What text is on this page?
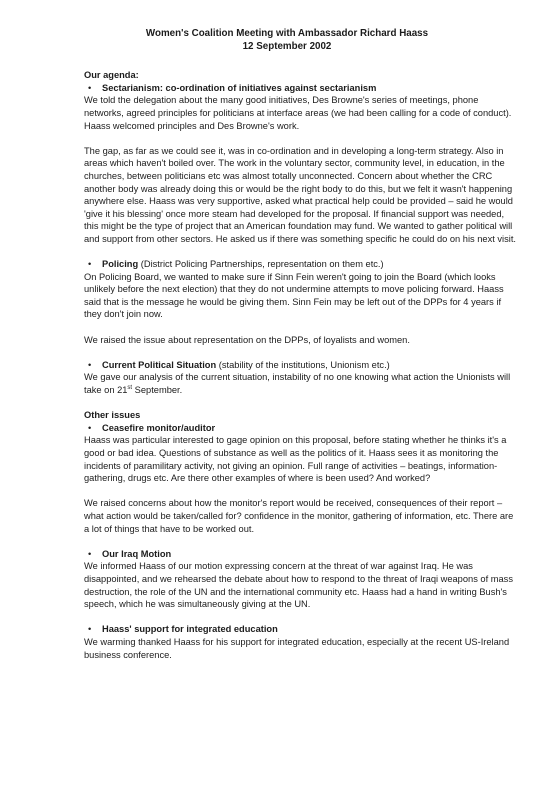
Women's Coalition Meeting with Ambassador Richard Haass
12 September 2002
Our agenda:
•	Sectarianism: co-ordination of initiatives against sectarianism

We told the delegation about the many good initiatives, Des Browne's series of meetings, phone networks, agreed principles for politicians at interface areas (we had been calling for a code of conduct). Haass welcomed principles and Des Browne's work.

The gap, as far as we could see it, was in co-ordination and in developing a long-term strategy. Also in areas which haven't boiled over. The work in the voluntary sector, community level, in education, in the churches, between politicians etc was almost totally unconnected. Concern about whether the CRC another body was already doing this or would be the right body to do this, but we felt it wasn't happening anywhere else. Haass was very supportive, asked what practical help could be provided – said he would 'give it his blessing' once more steam had developed for the proposal. If financial support was needed, this might be the type of project that an American foundation may fund. We wanted to gather political will and support from other sectors. He asked us if there was something specific he could do on his next visit.

•	Policing (District Policing Partnerships, representation on them etc.)

On Policing Board, we wanted to make sure if Sinn Fein weren't going to join the Board (which looks unlikely before the next election) that they do not undermine attempts to move policing forward. Haass said that is the message he would be giving them. Sinn Fein may be left out of the DPPs for 4 years if they don't join now.

We raised the issue about representation on the DPPs, of loyalists and women.

•	Current Political Situation (stability of the institutions, Unionism etc.)

We gave our analysis of the current situation, instability of no one knowing what action the Unionists will take on 21st September.

Other issues
•	Ceasefire monitor/auditor

Haass was particular interested to gage opinion on this proposal, before stating whether he thinks it's a good or bad idea. Questions of substance as well as the politics of it. Haass sees it as monitoring the incidents of paramilitary activity, not giving an opinion. Full range of activities – beatings, information-gathering, drugs etc. Are there other examples of where is been used? And worked?

We raised concerns about how the monitor's report would be received, consequences of their report – what action would be taken/called for? confidence in the monitor, gathering of information, etc. There are a lot of things that have to be worked out.

•	Our Iraq Motion

We informed Haass of our motion expressing concern at the threat of war against Iraq. He was disappointed, and we rehearsed the debate about how to respond to the threat of Iraqi weapons of mass destruction, the role of the UN and the international community etc. Haass had a hand in writing Bush's speech, which he was simultaneously giving at the UN.

•	Haass' support for integrated education

We warming thanked Haass for his support for integrated education, especially at the recent US-Ireland business conference.
